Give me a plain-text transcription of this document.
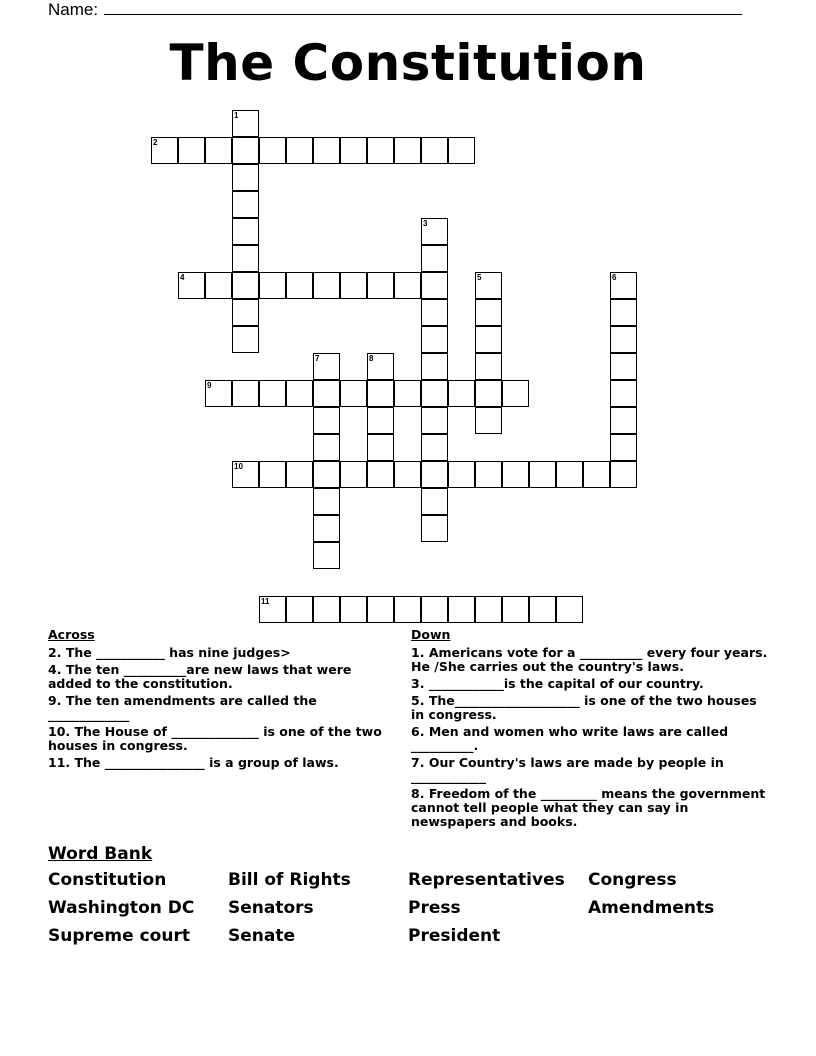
Name:
The Constitution
1
2
3
4	5	6
7	8
9
10
11
Across
2. The ___________ has nine judges>
4. The ten __________are new laws that were added to the constitution.
9. The ten amendments are called the _____________
10. The House of ______________ is one of the two houses in congress.
11. The ________________ is a group of laws.
Down
1. Americans vote for a __________ every four years. He /She carries out the country's laws.
3. ____________is the capital of our country.
5. The____________________ is one of the two houses in congress.
6. Men and women who write laws are called __________.
7. Our Country's laws are made by people in ____________
8. Freedom of the _________ means the government cannot tell people what they can say in newspapers and books.
Word Bank
Constitution	Bill of Rights	Representatives	Congress
Washington DC	Senators	Press	Amendments
Supreme court	Senate	President
